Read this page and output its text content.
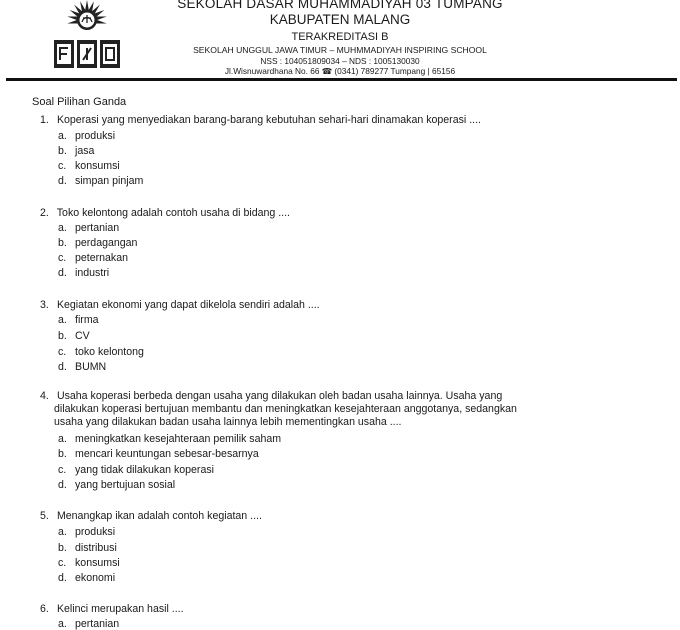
SEKOLAH DASAR MUHAMMADIYAH 03 TUMPANG
KABUPATEN MALANG
TERAKREDITASI B
SEKOLAH UNGGUL JAWA TIMUR – MUHMMADIYAH INSPIRING SCHOOL
NSS : 104051809034 – NDS : 1005130030
Jl.Wisnuwardhana No. 66 ☎ (0341) 789277 Tumpang | 65156
Soal Pilihan Ganda
1. Koperasi yang menyediakan barang-barang kebutuhan sehari-hari dinamakan koperasi ....
a. produksi
b. jasa
c. konsumsi
d. simpan pinjam
2. Toko kelontong adalah contoh usaha di bidang ....
a. pertanian
b. perdagangan
c. peternakan
d. industri
3. Kegiatan ekonomi yang dapat dikelola sendiri adalah ....
a. firma
b. CV
c. toko kelontong
d. BUMN
4. Usaha koperasi berbeda dengan usaha yang dilakukan oleh badan usaha lainnya. Usaha yang
dilakukan koperasi bertujuan membantu dan meningkatkan kesejahteraan anggotanya, sedangkan
usaha yang dilakukan badan usaha lainnya lebih mementingkan usaha ....
a. meningkatkan kesejahteraan pemilik saham
b. mencari keuntungan sebesar-besarnya
c. yang tidak dilakukan koperasi
d. yang bertujuan sosial
5. Menangkap ikan adalah contoh kegiatan ....
a. produksi
b. distribusi
c. konsumsi
d. ekonomi
6. Kelinci merupakan hasil ....
a. pertanian
